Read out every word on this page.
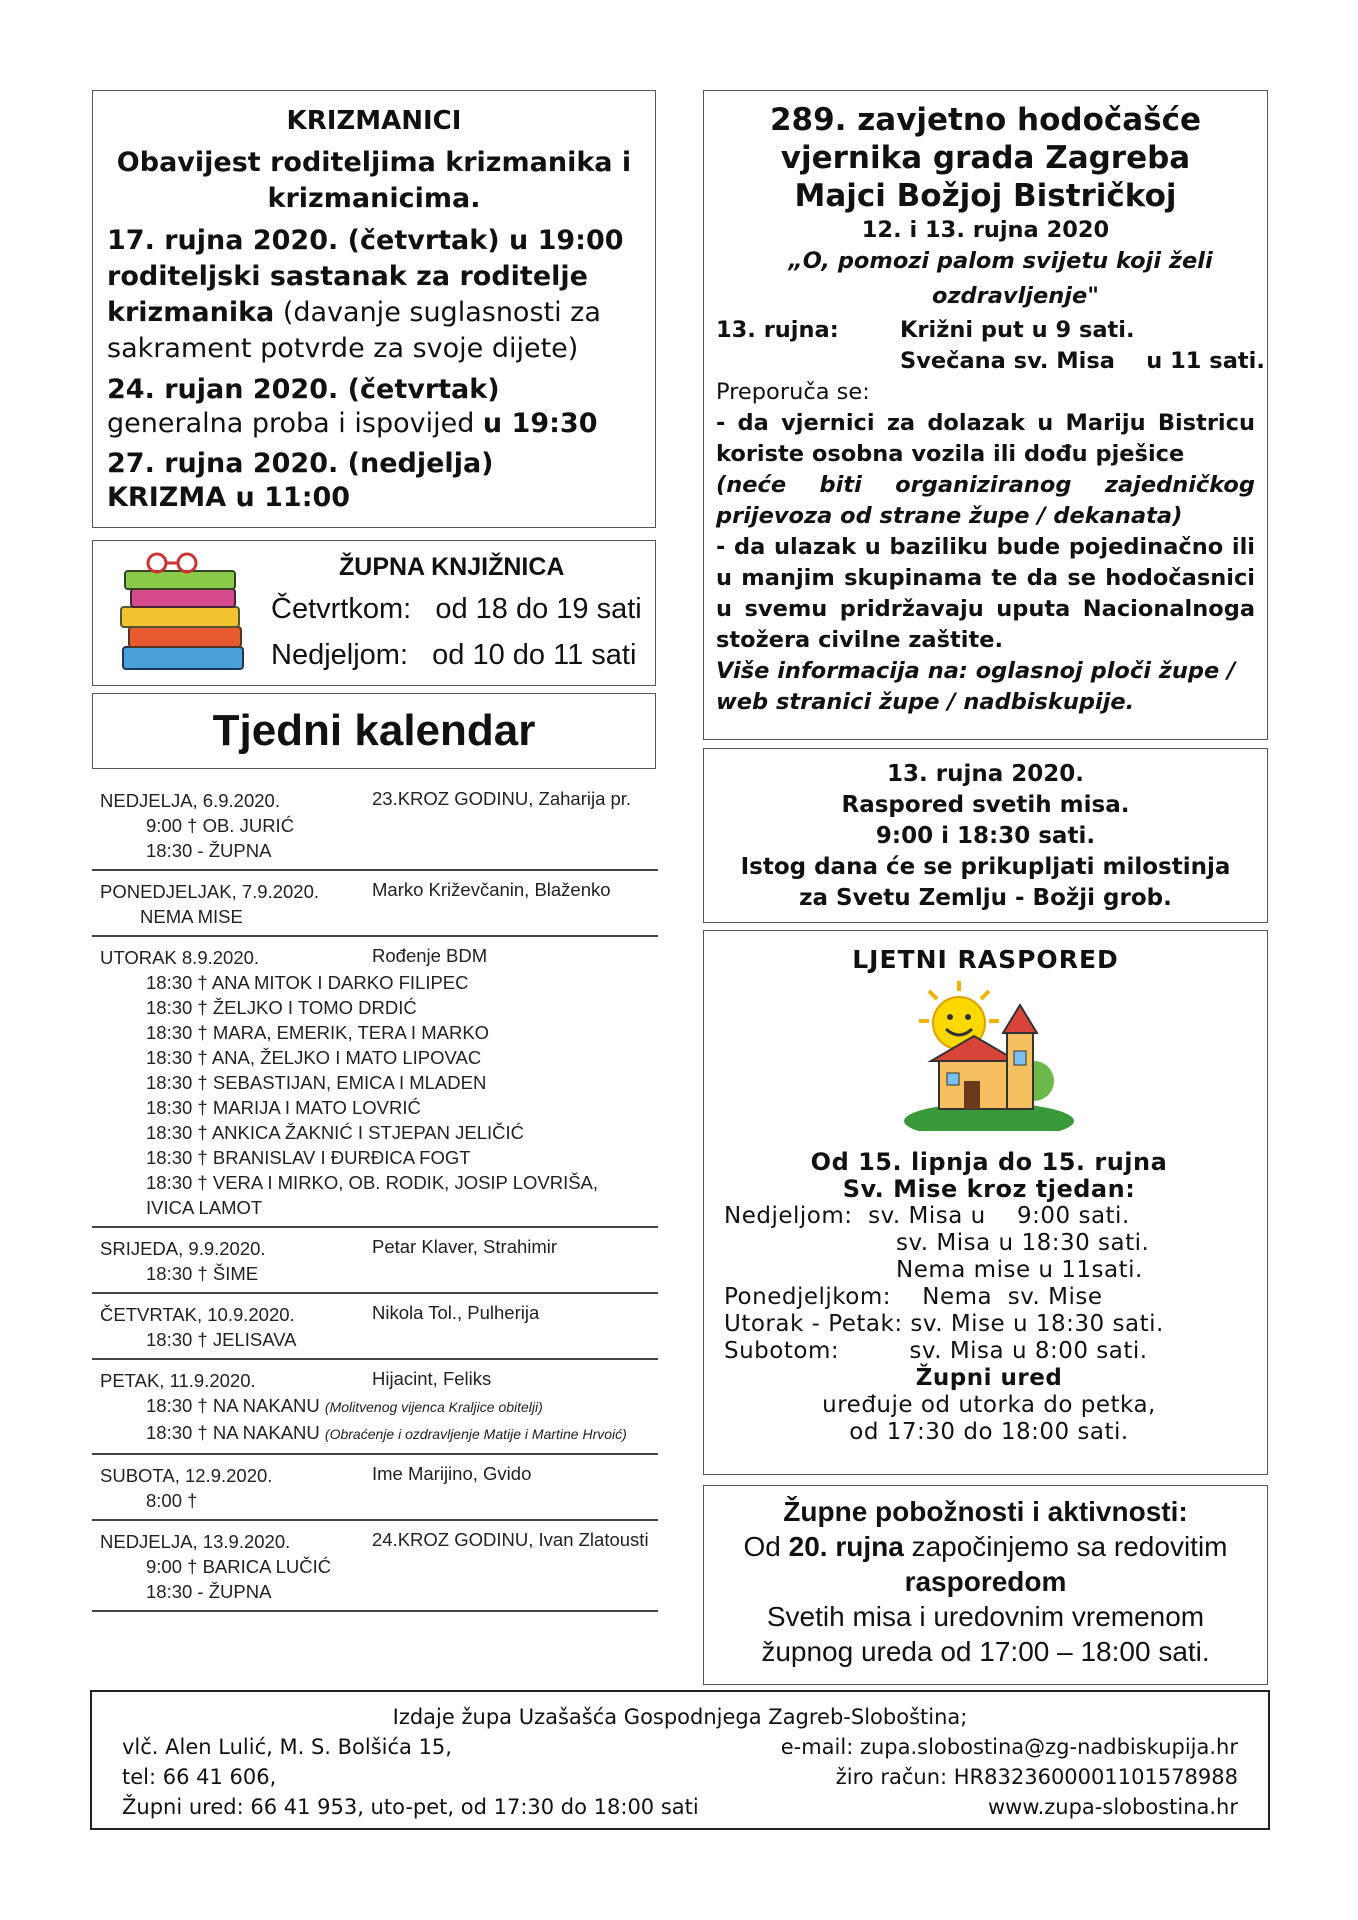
KRIZMANICI

Obavijest roditeljima krizmanika i krizmanicima.

17. rujna 2020. (četvrtak) u 19:00 roditeljski sastanak za roditelje krizmanika (davanje suglasnosti za sakrament potvrde za svoje dijete)

24. rujan 2020. (četvrtak)
generalna proba i ispovijed u 19:30

27. rujna 2020. (nedjelja)
KRIZMA u 11:00

ŽUPNA KNJIŽNICA
Četvrtkom:   od 18 do 19 sati
Nedjeljom:   od 10 do 11 sati
Tjedni kalendar
NEDJELJA, 6.9.2020.	23.KROZ GODINU, Zaharija pr.
9:00 † OB. JURIĆ
18:30 - ŽUPNA
PONEDJELJAK, 7.9.2020.	Marko Križevčanin, Blaženko
NEMA MISE
UTORAK 8.9.2020.	Rođenje BDM
18:30 † ANA MITOK I DARKO FILIPEC
18:30 † ŽELJKO I TOMO DRDIĆ
18:30 † MARA, EMERIK, TERA I MARKO
18:30 † ANA, ŽELJKO I MATO LIPOVAC
18:30 † SEBASTIJAN, EMICA I MLADEN
18:30 † MARIJA I MATO LOVRIĆ
18:30 † ANKICA ŽAKNIĆ I STJEPAN JELIČIĆ
18:30 † BRANISLAV I ĐURĐICA FOGT
18:30 † VERA I MIRKO, OB. RODIK, JOSIP LOVRIŠA,
IVICA LAMOT
SRIJEDA, 9.9.2020.	Petar Klaver, Strahimir
18:30 † ŠIME
ČETVRTAK, 10.9.2020.	Nikola Tol., Pulherija
18:30 † JELISAVA
PETAK, 11.9.2020.	Hijacint, Feliks
18:30 † NA NAKANU (Molitvenog vijenca Kraljice obitelji)
18:30 † NA NAKANU (Obraćenje i ozdravljenje Matije i Martine Hrvoić)
SUBOTA, 12.9.2020.	Ime Marijino, Gvido
8:00 †
NEDJELJA, 13.9.2020.	24.KROZ GODINU, Ivan Zlatousti
9:00 † BARICA LUČIĆ
18:30 - ŽUPNA
289. zavjetno hodočašće
vjernika grada Zagreba
Majci Božjoj Bistričkoj
12. i 13. rujna 2020
„O, pomozi palom svijetu koji želi
ozdravljenje"
13. rujna:	Križni put u 9 sati.
Svečana sv. Misa    u 11 sati.
Preporuča se:
- da vjernici za dolazak u Mariju Bistricu koriste osobna vozila ili dođu pješice
(neće biti organiziranog zajedničkog prijevoza od strane župe / dekanata)
- da ulazak u baziliku bude pojedinačno ili u manjim skupinama te da se hodočasnici u svemu pridržavaju uputa Nacionalnoga stožera civilne zaštite.
Više informacija na: oglasnoj ploči župe / web stranici župe / nadbiskupije.
13. rujna 2020.
Raspored svetih misa.
9:00 i 18:30 sati.
Istog dana će se prikupljati milostinja
za Svetu Zemlju - Božji grob.
LJETNI RASPORED
Od 15. lipnja do 15. rujna
Sv. Mise kroz tjedan:
Nedjeljom:  sv. Misa u    9:00 sati.
sv. Misa u 18:30 sati.
Nema mise u 11sati.
Ponedjeljkom:    Nema  sv. Mise
Utorak - Petak: sv. Mise u 18:30 sati.
Subotom:         sv. Misa u 8:00 sati.
Župni ured
uređuje od utorka do petka,
od 17:30 do 18:00 sati.
Župne pobožnosti i aktivnosti:
Od 20. rujna započinjemo sa redovitim
rasporedom
Svetih misa i uredovnim vremenom
župnog ureda od 17:00 – 18:00 sati.
Izdaje župa Uzašašća Gospodnjega Zagreb-Sloboština;
vlč. Alen Lulić, M. S. Bolšića 15,	e-mail: zupa.slobostina@zg-nadbiskupija.hr
tel: 66 41 606,	žiro račun: HR8323600001101578988
Župni ured: 66 41 953, uto-pet, od 17:30 do 18:00 sati	www.zupa-slobostina.hr
